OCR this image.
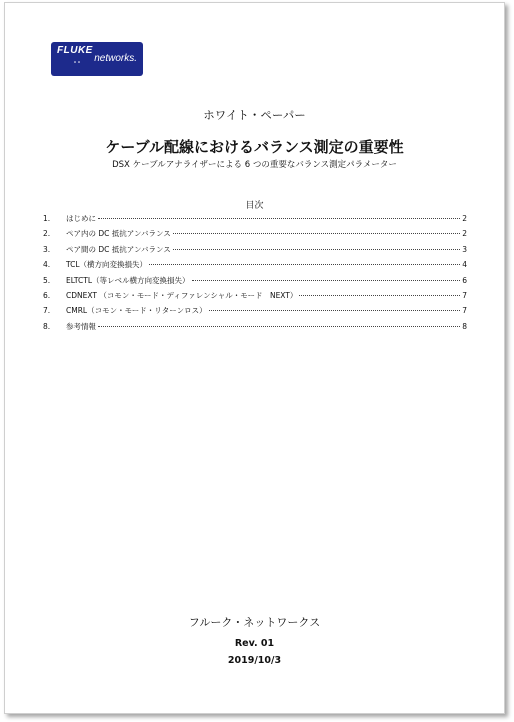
FLUKE
networks.
ホワイト・ペーパー
ケーブル配線におけるバランス測定の重要性
DSX ケーブルアナライザーによる 6 つの重要なバランス測定パラメーター
目次
1.	はじめに	2
2.	ペア内の DC 抵抗アンバランス	2
3.	ペア間の DC 抵抗アンバランス	3
4.	TCL（横方向変換損失）	4
5.	ELTCTL（等レベル横方向変換損失）	6
6.	CDNEXT （コモン・モード・ディファレンシャル・モード　NEXT）	7
7.	CMRL（コモン・モード・リターンロス）	7
8.	参考情報	8
フルーク・ネットワークス
Rev. 01
2019/10/3
